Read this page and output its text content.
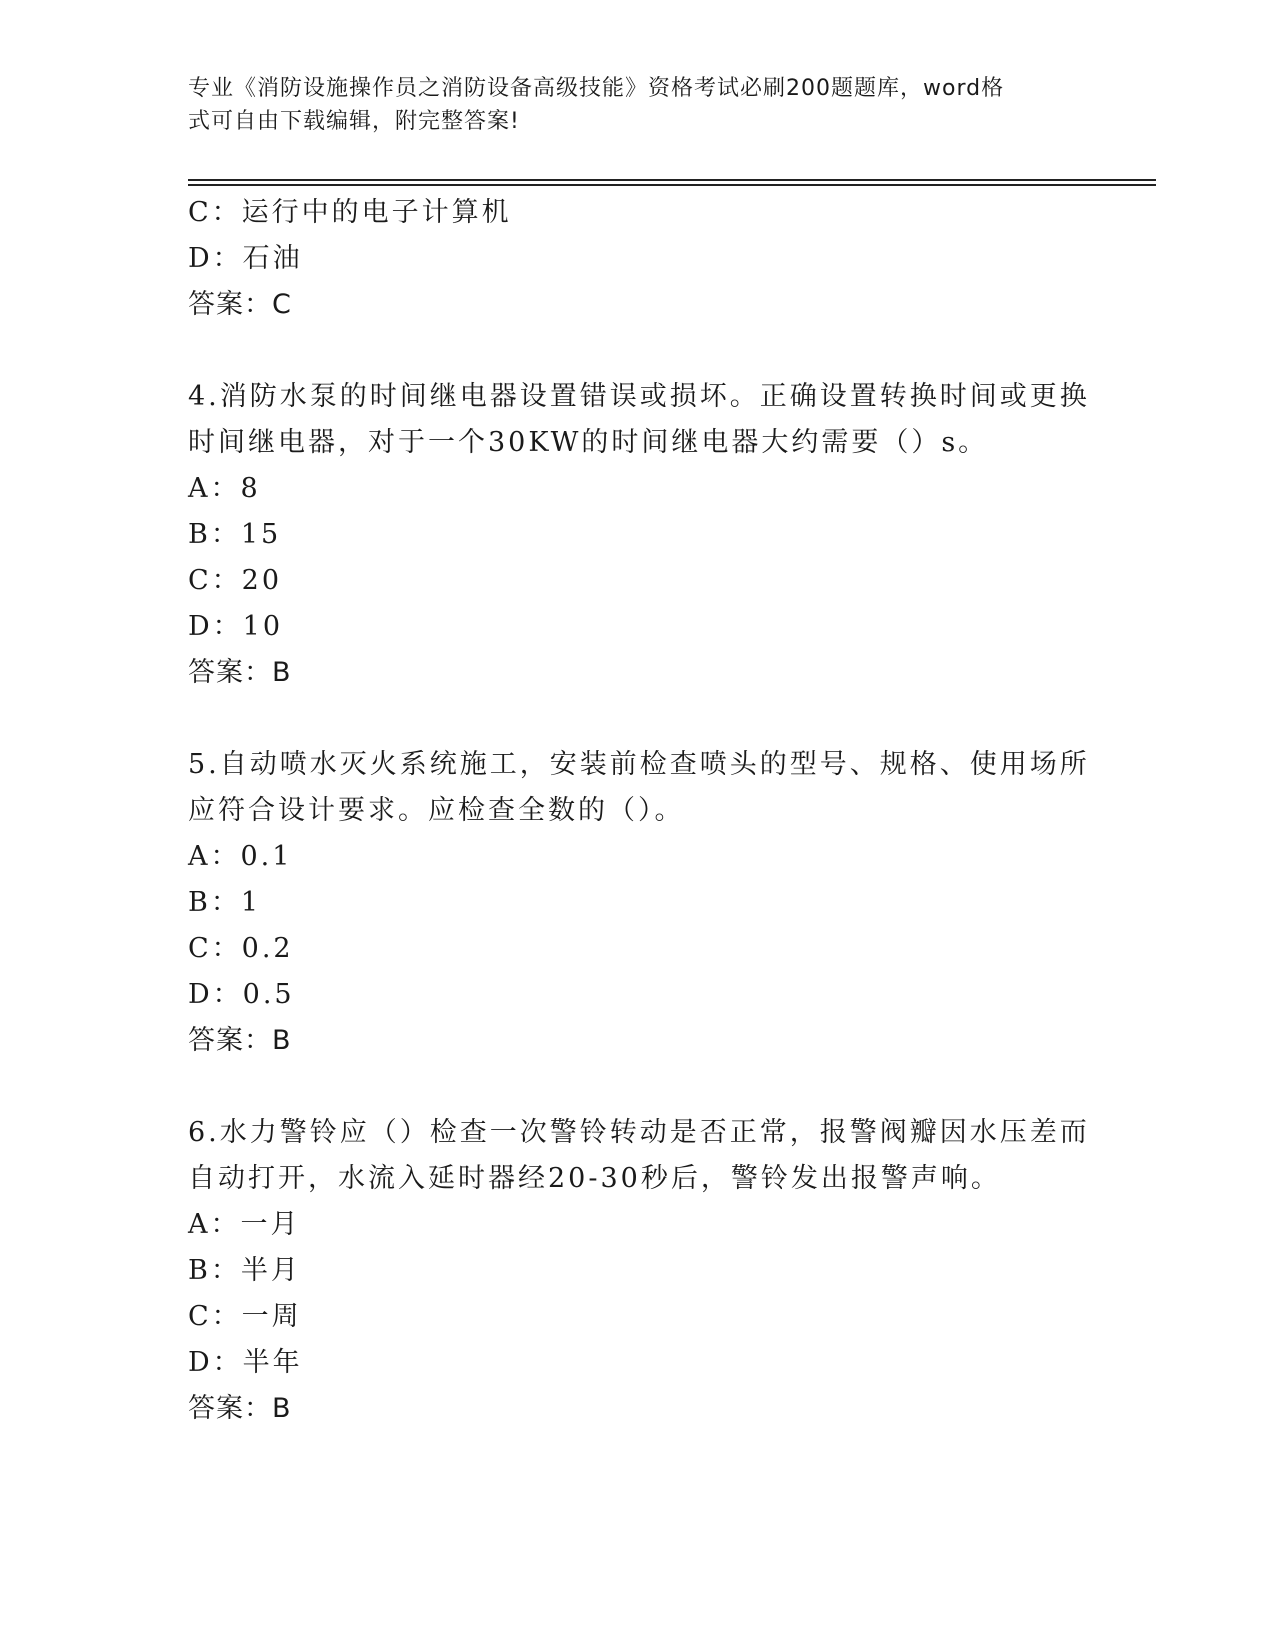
专业《消防设施操作员之消防设备高级技能》资格考试必刷200题题库，word格
式可自由下载编辑，附完整答案!
C：运行中的电子计算机
D：石油
答案：C
4.消防水泵的时间继电器设置错误或损坏。正确设置转换时间或更换
时间继电器，对于一个30KW的时间继电器大约需要（）s。
A：8
B：15
C：20
D：10
答案：B
5.自动喷水灭火系统施工，安装前检查喷头的型号、规格、使用场所
应符合设计要求。应检查全数的（）。
A：0.1
B：1
C：0.2
D：0.5
答案：B
6.水力警铃应（）检查一次警铃转动是否正常，报警阀瓣因水压差而
自动打开，水流入延时器经20-30秒后，警铃发出报警声响。
A：一月
B：半月
C：一周
D：半年
答案：B
